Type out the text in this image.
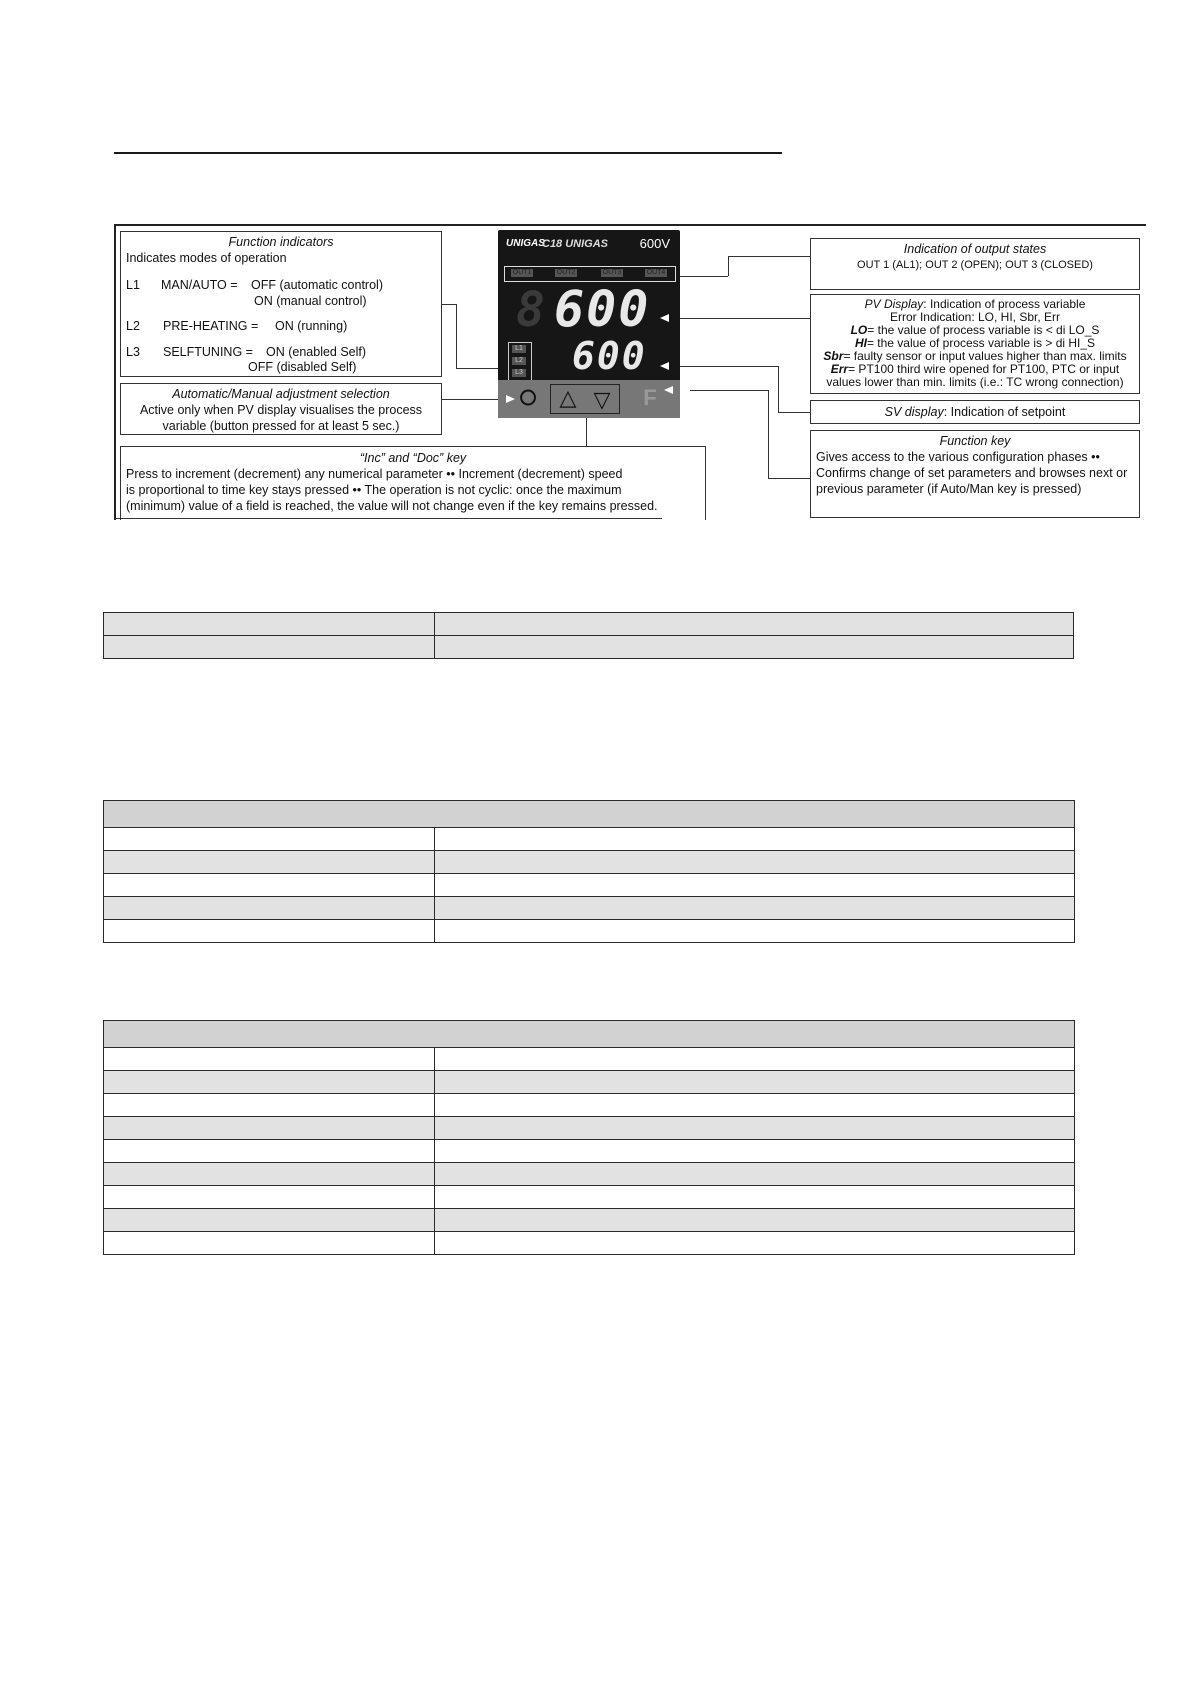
Function indicators
Indicates modes of operation
L1 MAN/AUTO = OFF (automatic control)
ON (manual control)
L2 PRE-HEATING = ON (running)
L3 SELFTUNING = ON (enabled Self)
OFF (disabled Self)
Automatic/Manual adjustment selection
Active only when PV display visualises the process
variable (button pressed for at least 5 sec.)
“Inc” and “Doc” key
Press to increment (decrement) any numerical parameter •• Increment (decrement) speed
is proportional to time key stays pressed •• The operation is not cyclic: once the maximum
(minimum) value of a field is reached, the value will not change even if the key remains pressed.
Indication of output states
OUT 1 (AL1); OUT 2 (OPEN); OUT 3 (CLOSED)
PV Display: Indication of process variable
Error Indication: LO, HI, Sbr, Err
LO= the value of process variable is < di LO_S
HI= the value of process variable is > di HI_S
Sbr= faulty sensor or input values higher than max. limits
Err= PT100 third wire opened for PT100, PTC or input
values lower than min. limits (i.e.: TC wrong connection)
SV display: Indication of setpoint
Function key
Gives access to the various configuration phases ••
Confirms change of set parameters and browses next or
previous parameter (if Auto/Man key is pressed)
UNIGAS
C18 UNIGAS 600V
OUT1	OUT2	OUT3	OUT4
8 600
L1
L2
L3 600
⭘ △ ▽ F
